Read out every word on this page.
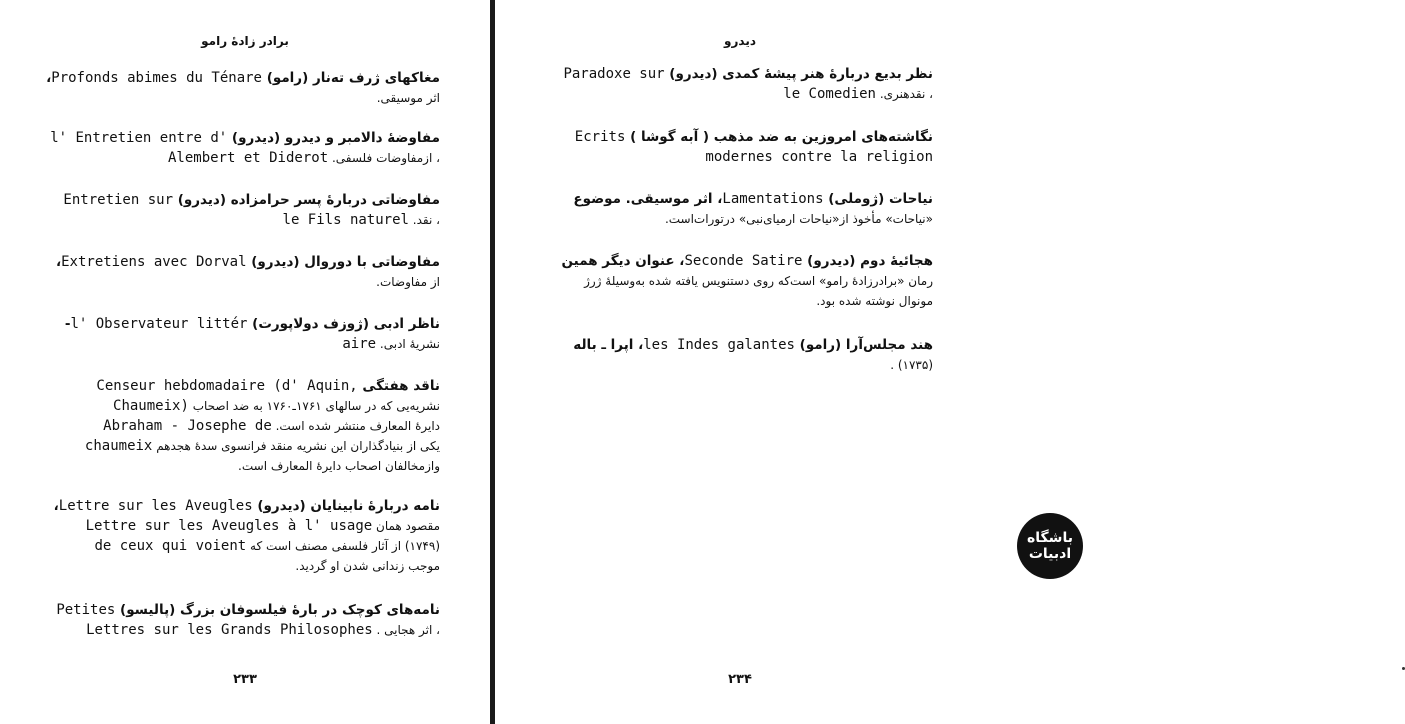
برادر زادۀ رامو
مغاکهای ژرف ته‌نار (رامو) Profonds abimes du Ténare،
اثر موسیقی.
مفاوضۀ دالامبر و دیدرو (دیدرو) l' Entretien entre d'
، ازمفاوضات فلسفی. Alembert et Diderot
مفاوضاتی دربارۀ پسر حرامزاده (دیدرو) Entretien sur
، نقد. le Fils naturel
مفاوضاتی با دوروال (دیدرو) Extretiens avec Dorval،
از مفاوضات.
ناظر ادبی (ژوزف دولاپورت) l' Observateur littér-
نشریۀ ادبی. aire
ناقد هفتگی Censeur hebdomadaire (d' Aquin,
نشریه‌یی که در سالهای ۱۷۶۱ـ۱۷۶۰ به ضد اصحاب Chaumeix)
دایرۀ المعارف منتشر شده است. Abraham - Josephe de
یکی از بنیادگذاران این نشریه منقد فرانسوی سدۀ هجدهم chaumeix
وازمخالفان اصحاب دایرۀ المعارف است.
نامه دربارۀ نابینایان (دیدرو) Lettre sur les Aveugles،
مقصود همان Lettre sur les Aveugles à l' usage
(۱۷۴۹) از آثار فلسفی مصنف است که de ceux qui voient
موجب زندانی شدن او گردید.
نامه‌های کوچک در بارۀ فیلسوفان بزرگ (پالیسو) Petites
، اثر هجایی . Lettres sur les Grands Philosophes
۲۳۳
دیدرو
نظر بدیع دربارۀ هنر پیشۀ کمدی (دیدرو) Paradoxe sur
، نقدهنری. le Comedien
نگاشته‌های امروزین به ضد مذهب ( آبه گوشا ) Ecrits
modernes contre la religion
نیاحات (ژوملی) Lamentations، اثر موسیقی. موضوع
«نیاحات» مأخوذ از«نیاحات ارمیای‌نبی» درتورات‌است.
هجائیۀ دوم (دیدرو) Seconde Satire، عنوان دیگر همین
رمان «برادرزادۀ رامو» است‌که روی دستنویس یافته شده به‌وسیلۀ ژرژ
مونوال نوشته شده بود.
هند مجلس‌آرا (رامو) les Indes galantes، اپرا ـ باله
(۱۷۳۵) .
باشگاه
ادبیات
۲۳۴
